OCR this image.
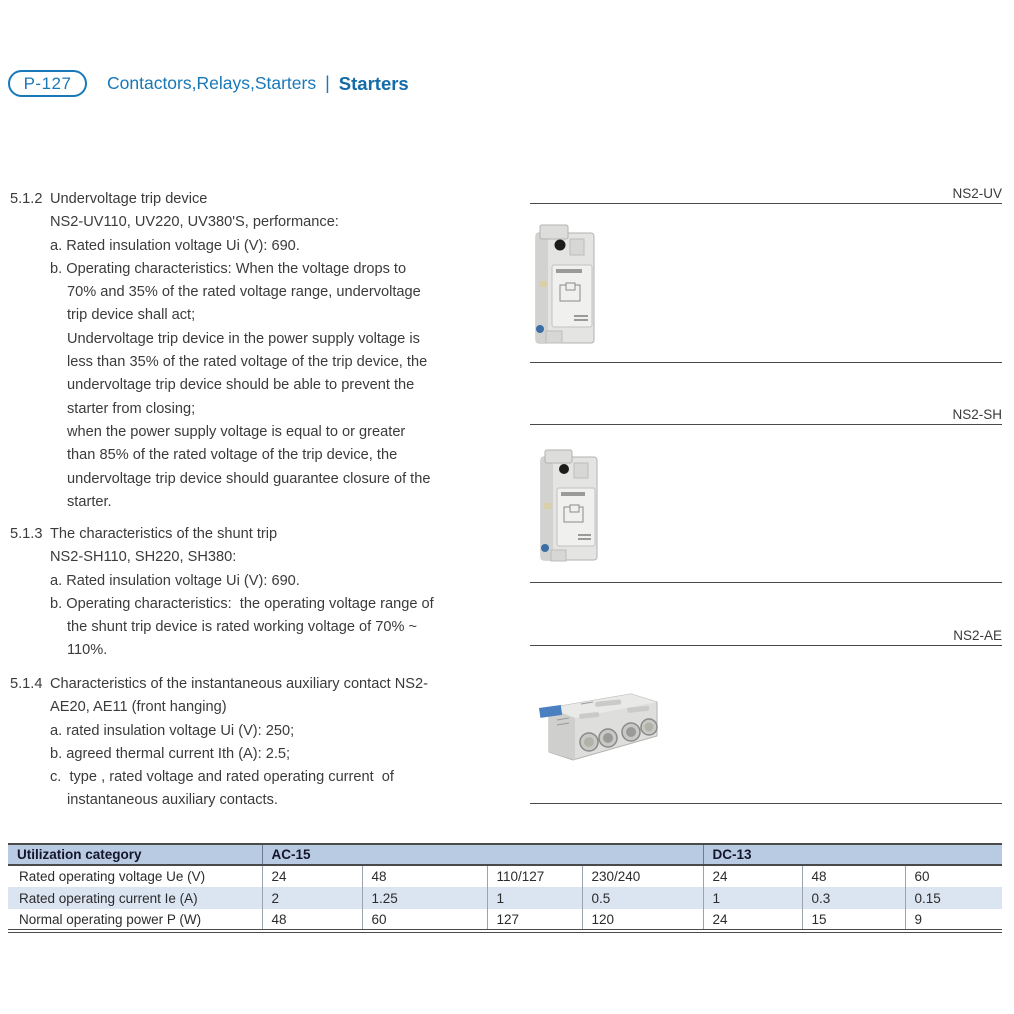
P-127	Contactors,Relays,Starters | Starters
5.1.2 Undervoltage trip device
NS2-UV110, UV220, UV380'S, performance:
a. Rated insulation voltage Ui (V): 690.
b. Operating characteristics: When the voltage drops to
70% and 35% of the rated voltage range, undervoltage
trip device shall act;
Undervoltage trip device in the power supply voltage is
less than 35% of the rated voltage of the trip device, the
undervoltage trip device should be able to prevent the
starter from closing;
when the power supply voltage is equal to or greater
than 85% of the rated voltage of the trip device, the
undervoltage trip device should guarantee closure of the
starter.
5.1.3 The characteristics of the shunt trip
NS2-SH110, SH220, SH380:
a. Rated insulation voltage Ui (V): 690.
b. Operating characteristics:  the operating voltage range of
the shunt trip device is rated working voltage of 70% ~
110%.
5.1.4 Characteristics of the instantaneous auxiliary contact NS2-
AE20, AE11 (front hanging)
a. rated insulation voltage Ui (V): 250;
b. agreed thermal current Ith (A): 2.5;
c.  type , rated voltage and rated operating current  of
instantaneous auxiliary contacts.
NS2-UV
NS2-SH
NS2-AE
Utilization category	AC-15				DC-13		
Rated operating voltage Ue (V)	24	48	110/127	230/240	24	48	60
Rated operating current Ie (A)	2	1.25	1	0.5	1	0.3	0.15
Normal operating power P (W)	48	60	127	120	24	15	9
